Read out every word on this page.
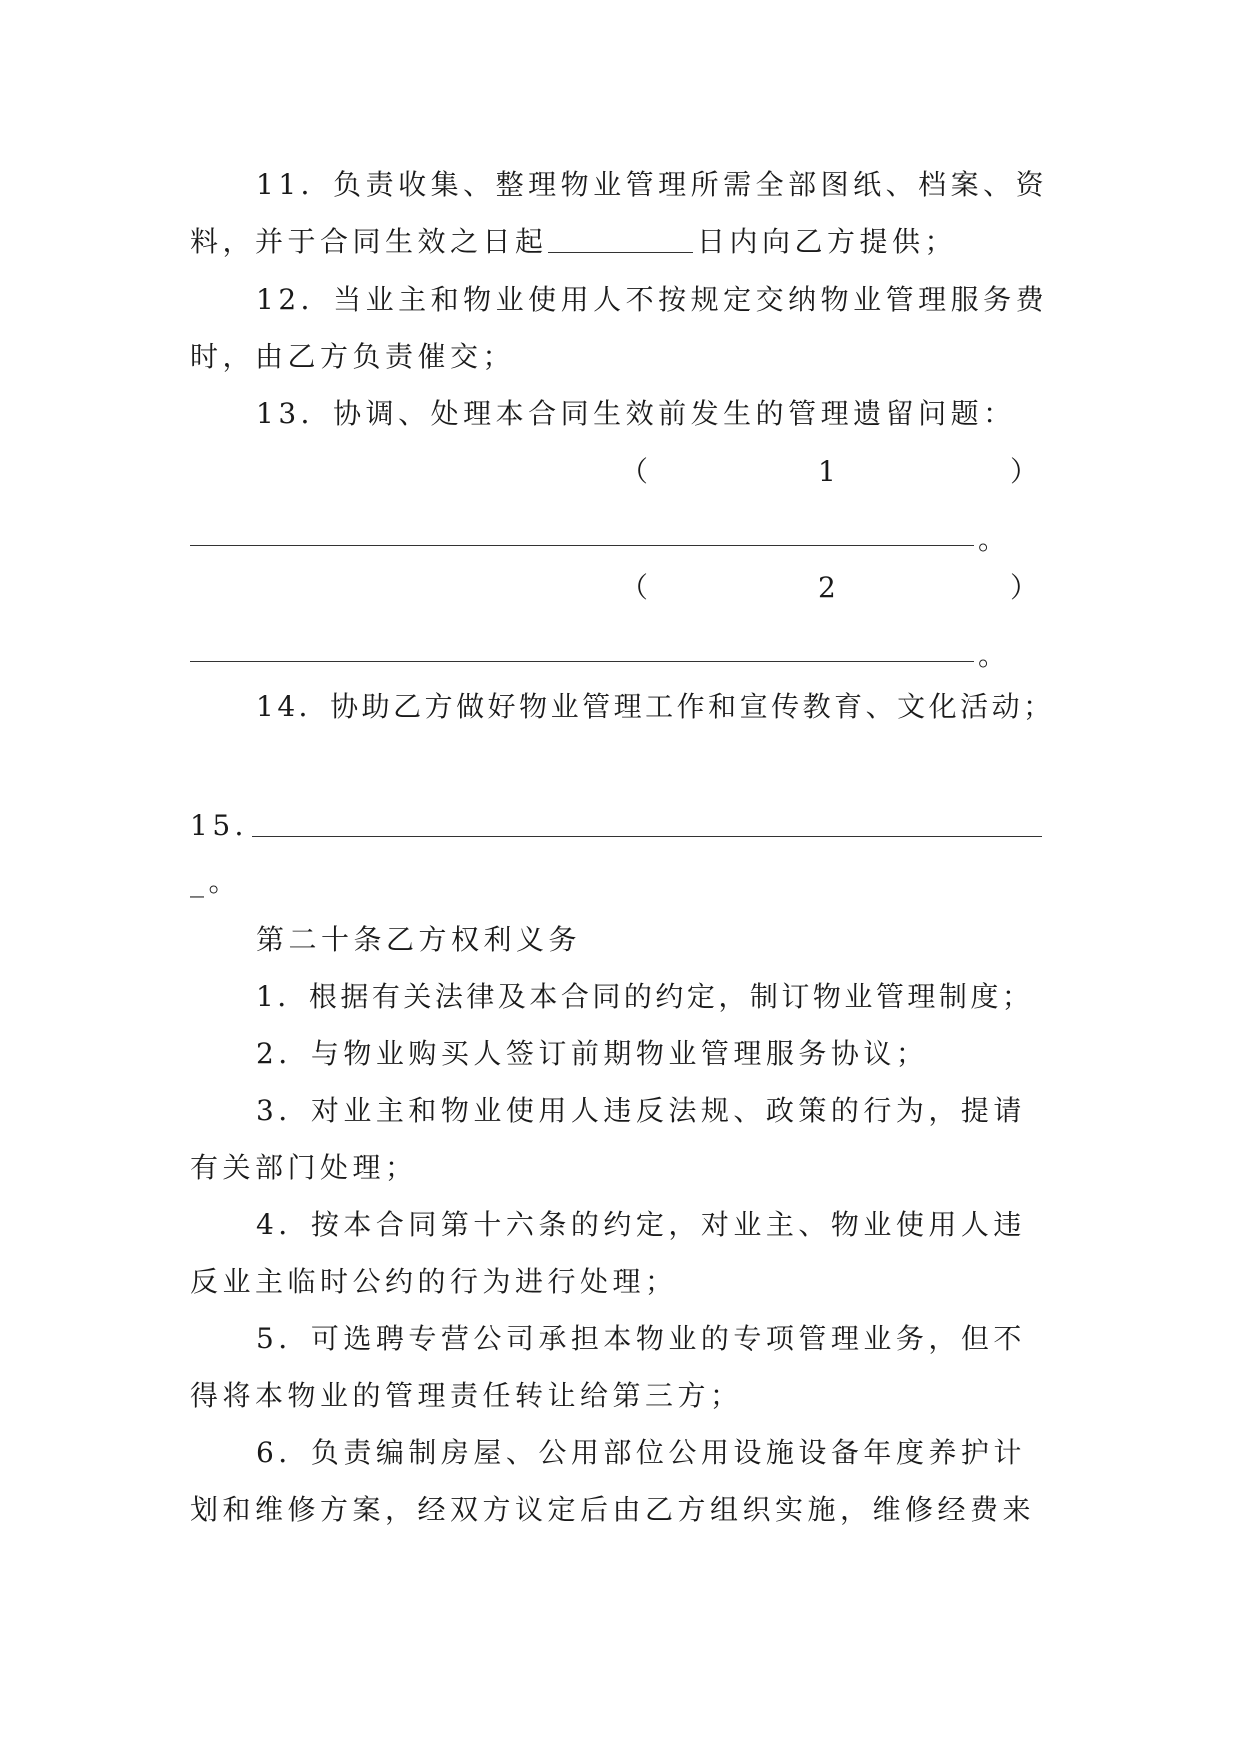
11．负责收集、整理物业管理所需全部图纸、档案、资
料，并于合同生效之日起	日内向乙方提供；
12．当业主和物业使用人不按规定交纳物业管理服务费
时，由乙方负责催交；
13．协调、处理本合同生效前发生的管理遗留问题：
（	1	）
。
（	2	）
。
14．协助乙方做好物业管理工作和宣传教育、文化活动；
15．
_。
第二十条乙方权利义务
1．根据有关法律及本合同的约定，制订物业管理制度；
2．与物业购买人签订前期物业管理服务协议；
3．对业主和物业使用人违反法规、政策的行为，提请
有关部门处理；
4．按本合同第十六条的约定，对业主、物业使用人违
反业主临时公约的行为进行处理；
5．可选聘专营公司承担本物业的专项管理业务，但不
得将本物业的管理责任转让给第三方；
6．负责编制房屋、公用部位公用设施设备年度养护计
划和维修方案，经双方议定后由乙方组织实施，维修经费来
